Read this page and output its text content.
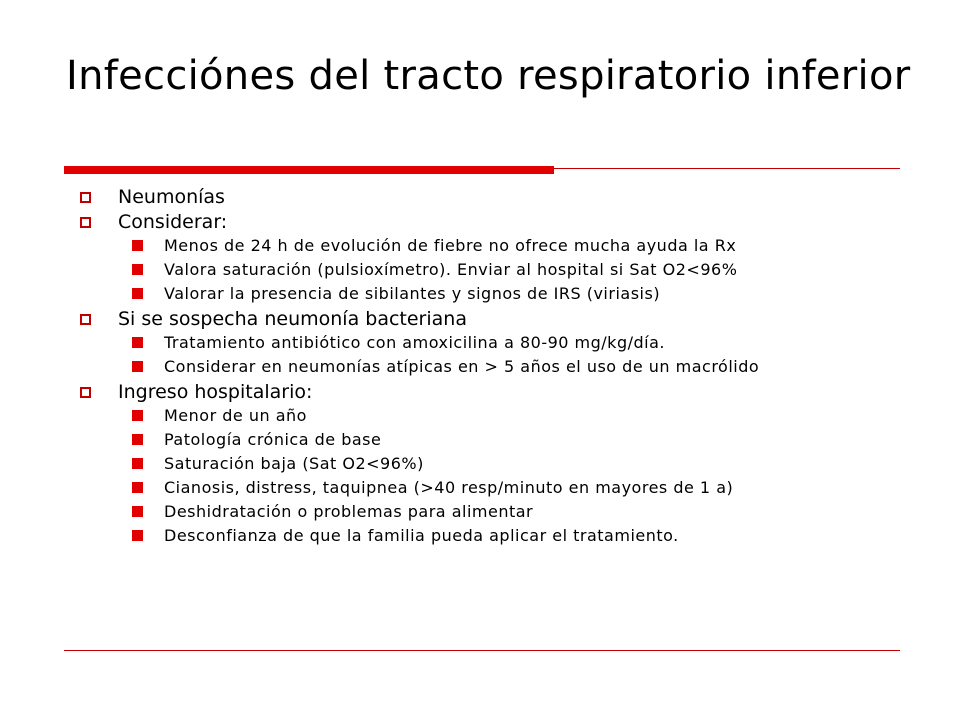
Infecciónes del tracto respiratorio inferior
Neumonías
Considerar:
Menos de 24 h de evolución de fiebre no ofrece mucha ayuda la Rx
Valora saturación (pulsioxímetro). Enviar al hospital si Sat O2<96%
Valorar la presencia de sibilantes y signos de IRS (viriasis)
Si se sospecha neumonía bacteriana
Tratamiento antibiótico con amoxicilina a 80-90 mg/kg/día.
Considerar en neumonías atípicas en > 5 años el uso de un macrólido
Ingreso hospitalario:
Menor de un año
Patología crónica de base
Saturación baja (Sat O2<96%)
Cianosis, distress, taquipnea (>40 resp/minuto en mayores de 1 a)
Deshidratación o problemas para alimentar
Desconfianza de que la familia pueda aplicar el tratamiento.
